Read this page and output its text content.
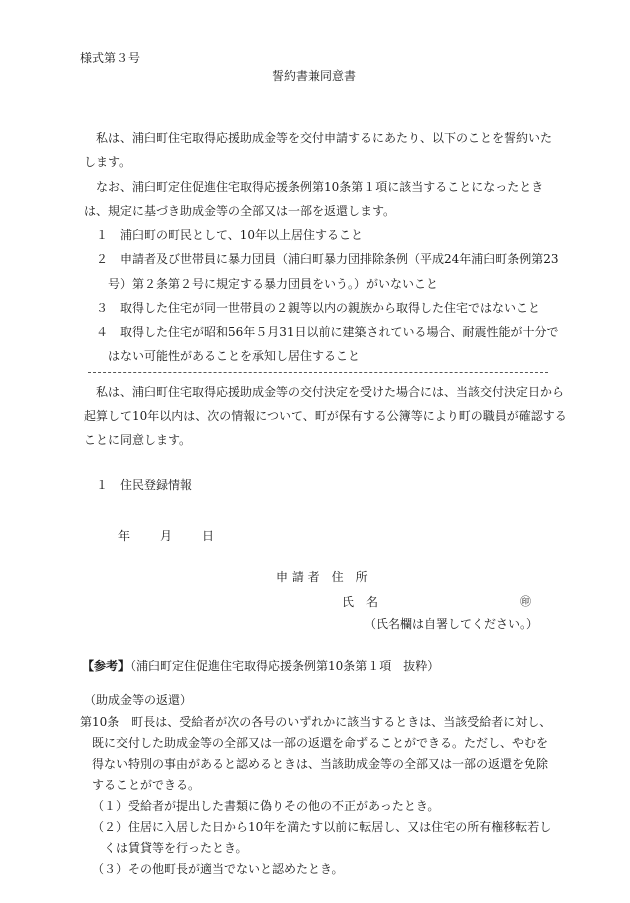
様式第３号
誓約書兼同意書
私は、浦臼町住宅取得応援助成金等を交付申請するにあたり、以下のことを誓約いた
します。
なお、浦臼町定住促進住宅取得応援条例第10条第１項に該当することになったとき
は、規定に基づき助成金等の全部又は一部を返還します。
１ 浦臼町の町民として、10年以上居住すること
２ 申請者及び世帯員に暴力団員（浦臼町暴力団排除条例（平成24年浦臼町条例第23
号）第２条第２号に規定する暴力団員をいう。）がいないこと
３ 取得した住宅が同一世帯員の２親等以内の親族から取得した住宅ではないこと
４ 取得した住宅が昭和56年５月31日以前に建築されている場合、耐震性能が十分で
はない可能性があることを承知し居住すること
私は、浦臼町住宅取得応援助成金等の交付決定を受けた場合には、当該交付決定日から
起算して10年以内は、次の情報について、町が保有する公簿等により町の職員が確認する
ことに同意します。
１　住民登録情報
年 月 日
申 請 者　住　所
氏　名	㊞
（氏名欄は自署してください。）
【参考】（浦臼町定住促進住宅取得応援条例第10条第１項　抜粋）
（助成金等の返還）
第10条　町長は、受給者が次の各号のいずれかに該当するときは、当該受給者に対し、
既に交付した助成金等の全部又は一部の返還を命ずることができる。ただし、やむを
得ない特別の事由があると認めるときは、当該助成金等の全部又は一部の返還を免除
することができる。
（１）受給者が提出した書類に偽りその他の不正があったとき。
（２）住居に入居した日から10年を満たす以前に転居し、又は住宅の所有権移転若し
くは賃貸等を行ったとき。
（３）その他町長が適当でないと認めたとき。
